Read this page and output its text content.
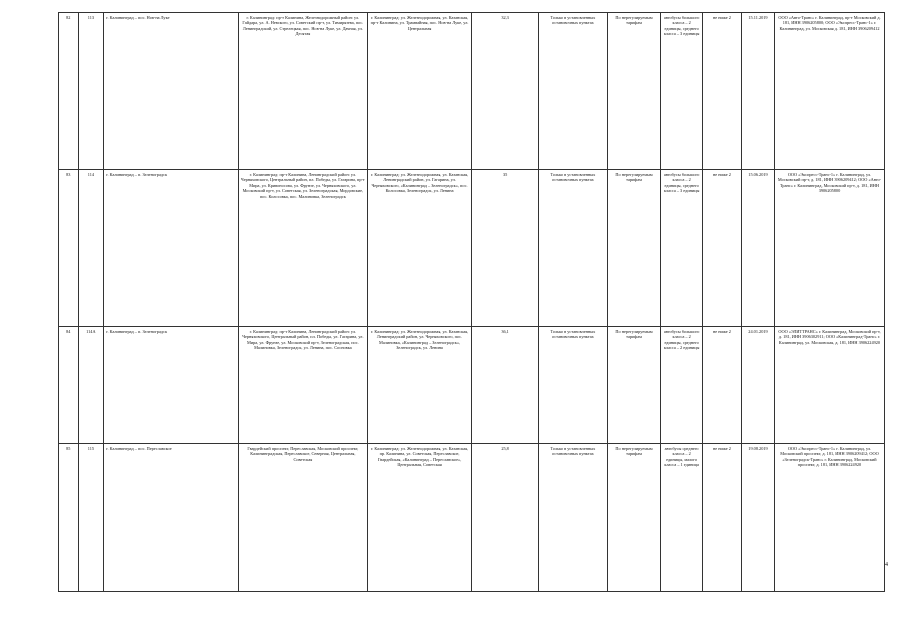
82	113	г. Калининград – пос. Нов-на Луке	г. Калининград: пр-т Калинина, Железнодорожный район: ул. Гайдара, ул. А. Невского, ул. Советский пр-т, ул. Тимирязева, пос. Ленинградский, ул. Стрелецкая, пос. Нов-на Луке, ул. Дачная, ул. Десятая	г. Калининград: ул. Железнодорожная, ул. Казанская, пр-т Калинина, ул. Трамвайная, пос. Нов-на Луке, ул. Центральная	32,3	Только в установленных остановочных пунктах	По нерегулируемым тарифам	автобусы большого класса – 2 единицы, среднего класса – 3 единицы	не ниже 2	15.11.2019	ООО «Авто-Транс» г. Калининград, пр-т Московский д. 181, ИНН 3906205800; ООО «Экспресс-Транс-1» г. Калининград, ул. Московская д. 181, ИНН 3906209412
83	114	г. Калининград – п. Зеленоградск	г. Калининград: пр-т Калинина, Ленинградский район: ул. Черняховского, Центральный район, пл. Победы, ул. Гагарина, пр-т Мира, ул. Кривоносова, ул. Фрунзе, ул. Черняховского, ул. Московский пр-т, ул. Советская, ул. Зеленоградская, Мордовские, пос. Колосовка, пос. Малиновка, Зеленоградск	г. Калининград: ул. Железнодорожная, ул. Казанская, Ленинградский район, ул. Гагарина, ул. Черняховского, «Калининград – Зеленоградск», пос. Колосовка, Зеленоградск, ул. Ленина	35	Только в установленных остановочных пунктах	По нерегулируемым тарифам	автобусы большого класса – 2 единицы, среднего класса – 3 единицы	не ниже 2	15.06.2019	ООО «Экспресс-Транс-1» г. Калининград, ул. Московский пр-т, д. 181, ИНН 3906209412; ООО «Авто-Транс» г. Калининград, Московский пр-т, д. 181, ИНН 3906205800
84	114А	г. Калининград – п. Зеленоградск	г. Калининград: пр-т Калинина, Ленинградский район: ул. Черняховского, Центральный район, пл. Победы, ул. Гагарина, ул. Мира, ул. Фрунзе, ул. Московский пр-т, Зеленоградская, пос. Малиновка, Зеленоградск, ул. Ленина, пос. Сосновка	г. Калининград: ул. Железнодорожная, ул. Казанская, Ленинградский район, ул. Черняховского, пос. Малиновка, «Калининград – Зеленоградск», Зеленоградск, ул. Ленина	36,1	Только в установленных остановочных пунктах	По нерегулируемым тарифам	автобусы большого класса – 2 единицы, среднего класса – 2 единицы	не ниже 2	24.01.2019	ООО «ЭЛИТТРАНС» г. Калининград, Московский пр-т, д. 181, ИНН 3906302911; ООО «Калининград-Транс» г. Калининград, ул. Московская, д. 181, ИНН 3906224920
85	115	г. Калининград – пос. Переславское	Гвардейский проспект, Переславская, Московский проспект, Калининградская, Переславское, Северная, Центральная, Советская	г. Калининград: ул. Железнодорожная, ул. Казанская, пр. Калинина, ул. Советская, Переславское, Гвардейская, «Калининград – Переславское», Центральная, Советская	25,8	Только в установленных остановочных пунктах	По нерегулируемым тарифам	автобусы среднего класса – 2 единицы, малого класса – 1 единица	не ниже 2	19.08.2019	ООО «Экспресс-Транс-1» г. Калининград, ул. Московский проспект, д. 181, ИНН 3906209412; ООО «Зеленоградск-Транс» г. Калининград, Московский проспект, д. 181, ИНН 3906224920
4
